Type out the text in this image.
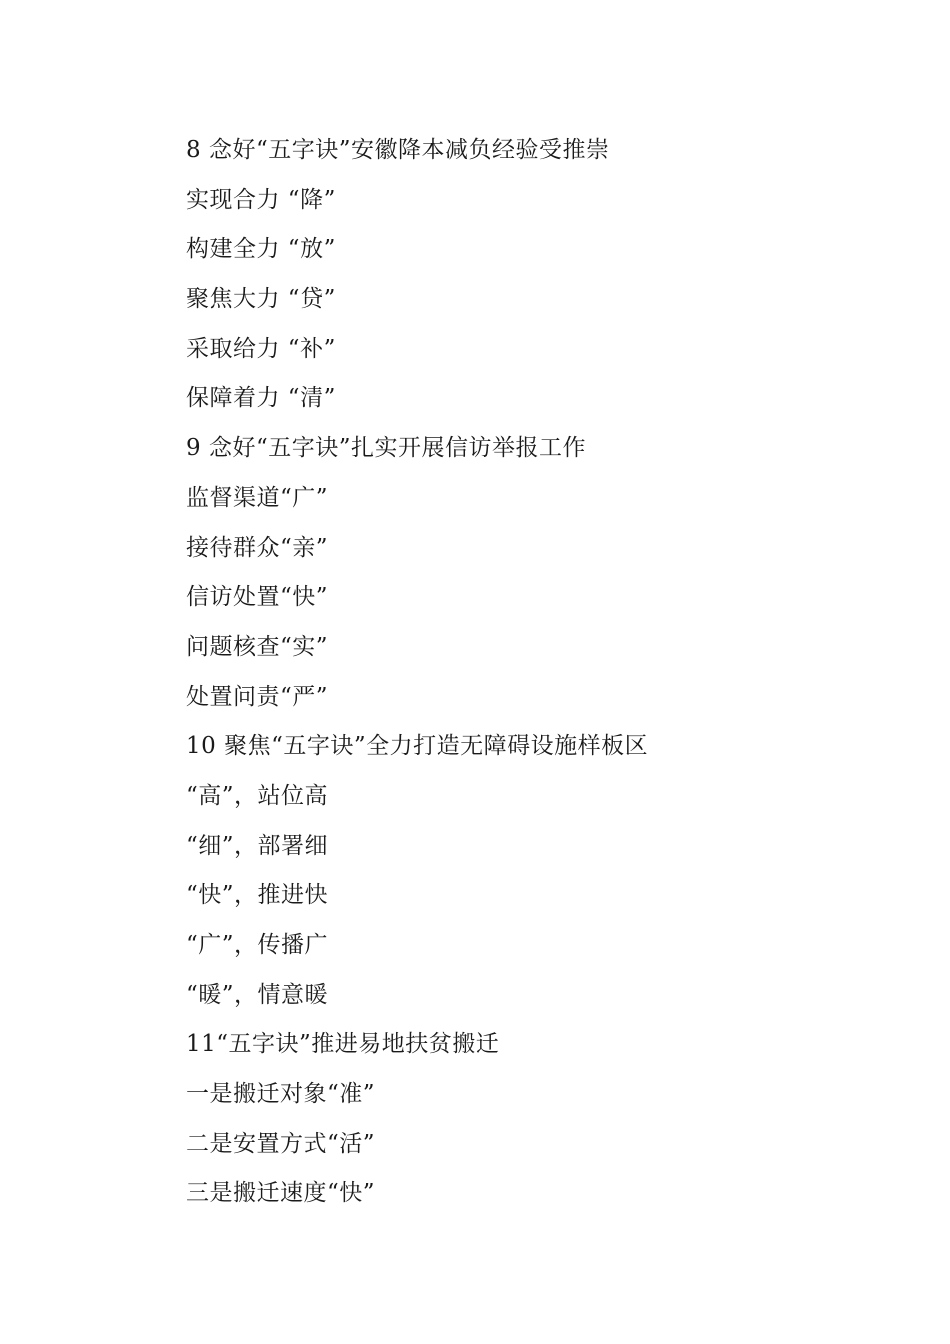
8 念好“五字诀”安徽降本减负经验受推崇
实现合力 “降”
构建全力 “放”
聚焦大力 “贷”
采取给力 “补”
保障着力 “清”
9 念好“五字诀”扎实开展信访举报工作
监督渠道“广”
接待群众“亲”
信访处置“快”
问题核查“实”
处置问责“严”
10 聚焦“五字诀”全力打造无障碍设施样板区
“高”，站位高
“细”，部署细
“快”，推进快
“广”，传播广
“暖”，情意暖
11“五字诀”推进易地扶贫搬迁
一是搬迁对象“准”
二是安置方式“活”
三是搬迁速度“快”
